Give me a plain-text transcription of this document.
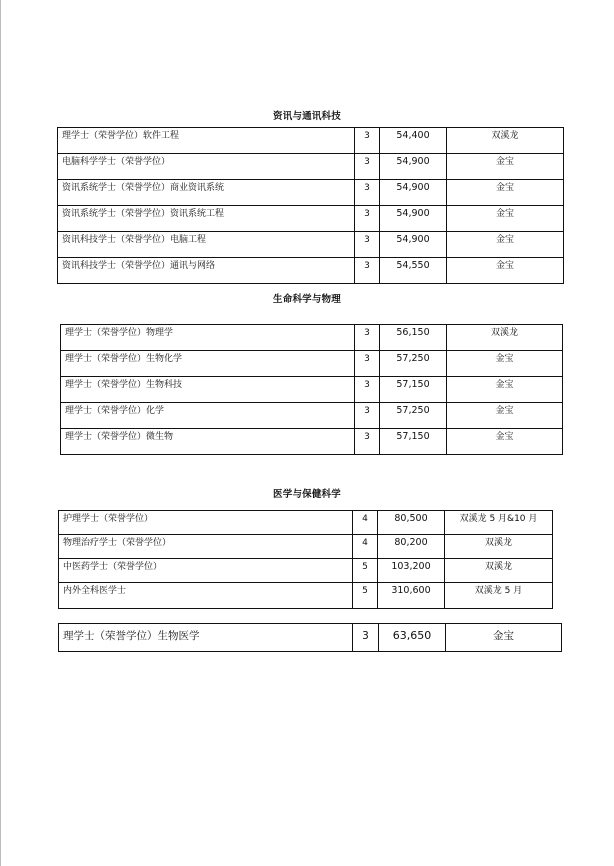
资讯与通讯科技
理学士（荣誉学位）软件工程	3	54,400	双溪龙
电脑科学学士（荣誉学位）	3	54,900	金宝
资讯系统学士（荣誉学位）商业资讯系统	3	54,900	金宝
资讯系统学士（荣誉学位）资讯系统工程	3	54,900	金宝
资讯科技学士（荣誉学位）电脑工程	3	54,900	金宝
资讯科技学士（荣誉学位）通讯与网络	3	54,550	金宝
生命科学与物理
理学士（荣誉学位）物理学	3	56,150	双溪龙
理学士（荣誉学位）生物化学	3	57,250	金宝
理学士（荣誉学位）生物科技	3	57,150	金宝
理学士（荣誉学位）化学	3	57,250	金宝
理学士（荣誉学位）微生物	3	57,150	金宝
医学与保健科学
护理学士（荣誉学位）	4	80,500	双溪龙 5 月&10 月
物理治疗学士（荣誉学位）	4	80,200	双溪龙
中医药学士（荣誉学位）	5	103,200	双溪龙
内外全科医学士	5	310,600	双溪龙 5 月
理学士（荣誉学位）生物医学	3	63,650	金宝
